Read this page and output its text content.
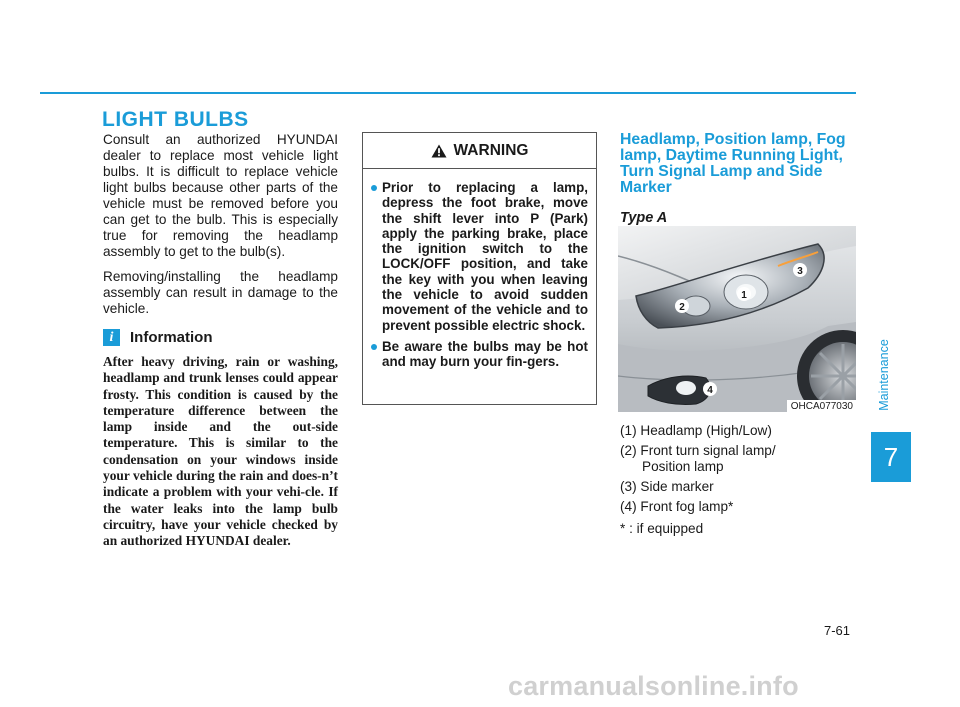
LIGHT BULBS

Consult an authorized HYUNDAI dealer to replace most vehicle light bulbs. It is difficult to replace vehicle light bulbs because other parts of the vehicle must be removed before you can get to the bulb. This is especially true for removing the headlamp assembly to get to the bulb(s).

Removing/installing the headlamp assembly can result in damage to the vehicle.

i	Information

After heavy driving, rain or washing, headlamp and trunk lenses could appear frosty. This condition is caused by the temperature difference between the lamp inside and the out-side temperature. This is similar to the condensation on your windows inside your vehicle during the rain and does-n’t indicate a problem with your vehi-cle. If the water leaks into the lamp bulb circuitry, have your vehicle checked by an authorized HYUNDAI dealer.

WARNING
Prior to replacing a lamp, depress the foot brake, move the shift lever into P (Park) apply the parking brake, place the ignition switch to the LOCK/OFF position, and take the key with you when leaving the vehicle to avoid sudden movement of the vehicle and to prevent possible electric shock.
Be aware the bulbs may be hot and may burn your fin-gers.
Headlamp, Position lamp, Fog lamp, Daytime Running Light, Turn Signal Lamp and Side Marker

Type A

3
1
2
4
OHCA077030
(1) Headlamp (High/Low)
(2) Front turn signal lamp/
Position lamp
(3) Side marker
(4) Front fog lamp*
* : if equipped
Maintenance
7
7-61
carmanualsonline.info
